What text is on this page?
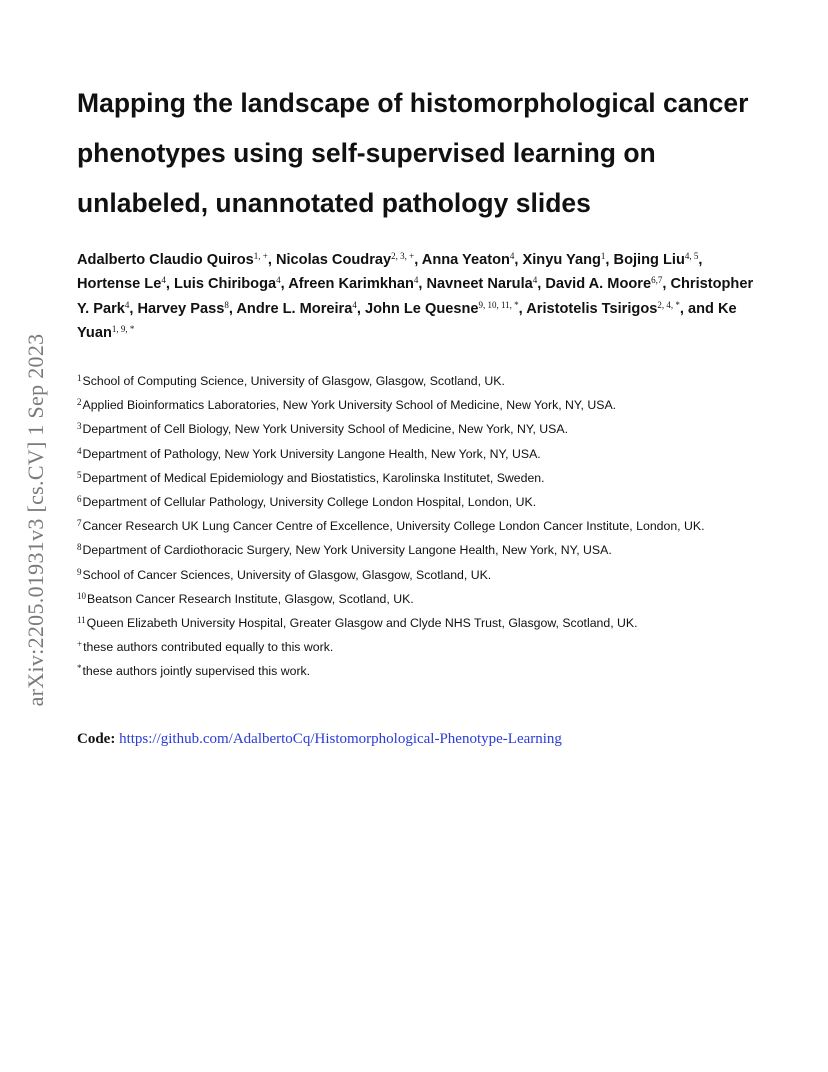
arXiv:2205.01931v3 [cs.CV] 1 Sep 2023
Mapping the landscape of histomorphological cancer
phenotypes using self-supervised learning on
unlabeled, unannotated pathology slides

Adalberto Claudio Quiros$^{1, +}$, Nicolas Coudray$^{2, 3, +}$, Anna Yeaton$^4$, Xinyu Yang$^1$, Bojing Liu$^{4, 5}$, Hortense Le$^4$, Luis Chiriboga$^4$, Afreen Karimkhan$^4$, Navneet Narula$^4$, David A. Moore$^{6,7}$, Christopher Y. Park$^4$, Harvey Pass$^8$, Andre L. Moreira$^4$, John Le Quesne$^{9, 10, 11, *}$, Aristotelis Tsirigos$^{2, 4, *}$, and Ke Yuan$^{1, 9, *}$

$^1$School of Computing Science, University of Glasgow, Glasgow, Scotland, UK.
$^2$Applied Bioinformatics Laboratories, New York University School of Medicine, New York, NY, USA.
$^3$Department of Cell Biology, New York University School of Medicine, New York, NY, USA.
$^4$Department of Pathology, New York University Langone Health, New York, NY, USA.
$^5$Department of Medical Epidemiology and Biostatistics, Karolinska Institutet, Sweden.
$^6$Department of Cellular Pathology, University College London Hospital, London, UK.
$^7$Cancer Research UK Lung Cancer Centre of Excellence, University College London Cancer Institute, London, UK.
$^8$Department of Cardiothoracic Surgery, New York University Langone Health, New York, NY, USA.
$^9$School of Cancer Sciences, University of Glasgow, Glasgow, Scotland, UK.
$^{10}$Beatson Cancer Research Institute, Glasgow, Scotland, UK.
$^{11}$Queen Elizabeth University Hospital, Greater Glasgow and Clyde NHS Trust, Glasgow, Scotland, UK.
+these authors contributed equally to this work.
*these authors jointly supervised this work.

Code: https://github.com/AdalbertoCq/Histomorphological-Phenotype-Learning
